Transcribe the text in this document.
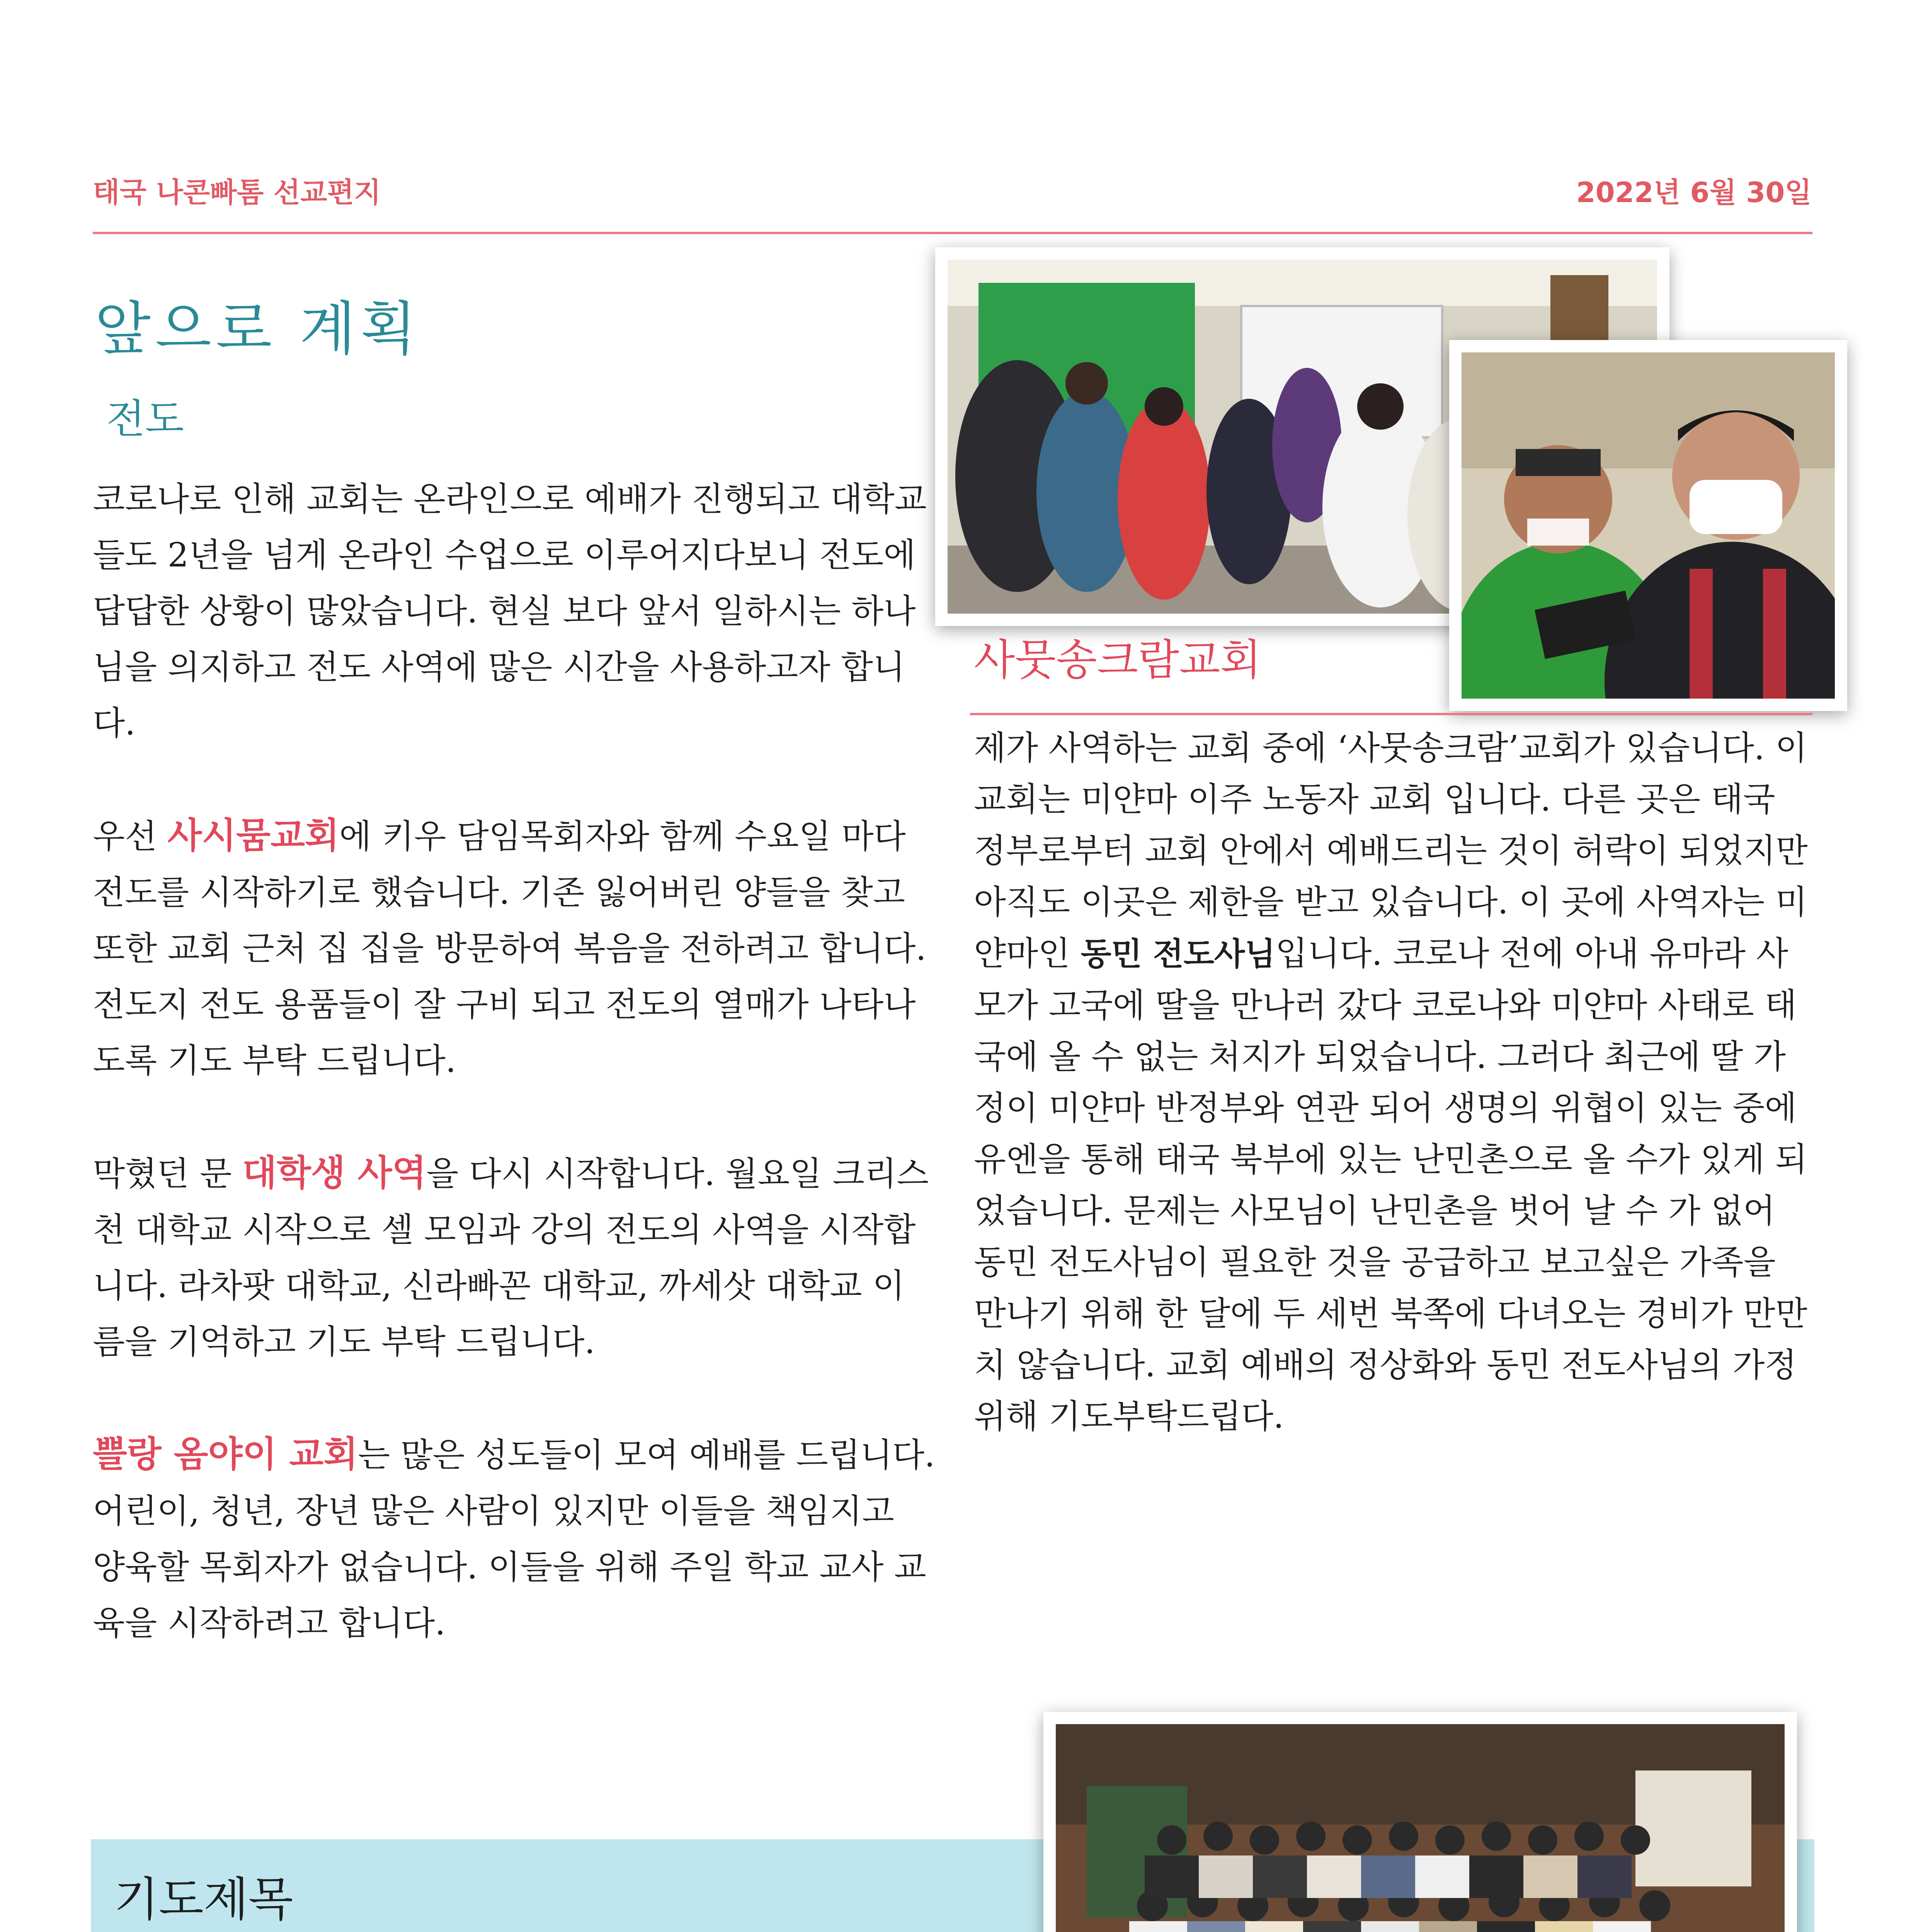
태국 나콘빠톰 선교편지	2022년 6월 30일
앞으로 계획
전도

코로나로 인해 교회는 온라인으로 예배가 진행되고 대학교들도 2년을 넘게 온라인 수업으로 이루어지다보니 전도에 답답한 상황이 많았습니다. 현실 보다 앞서 일하시는 하나님을 의지하고 전도 사역에 많은 시간을 사용하고자 합니다.

우선 사시뭄교회에 키우 담임목회자와 함께 수요일 마다 전도를 시작하기로 했습니다. 기존 잃어버린 양들을 찾고 또한 교회 근처 집 집을 방문하여 복음을 전하려고 합니다. 전도지 전도 용품들이 잘 구비 되고 전도의 열매가 나타나도록 기도 부탁 드립니다.

막혔던 문 대학생 사역을 다시 시작합니다. 월요일 크리스천 대학교 시작으로 셀 모임과 강의 전도의 사역을 시작합니다. 라차팟 대학교, 신라빠꼰 대학교, 까세삿 대학교 이름을 기억하고 기도 부탁 드립니다.

쁠랑 옴야이 교회는 많은 성도들이 모여 예배를 드립니다. 어린이, 청년, 장년 많은 사람이 있지만 이들을 책임지고 양육할 목회자가 없습니다. 이들을 위해 주일 학교 교사 교육을 시작하려고 합니다.

사뭇송크람교회
제가 사역하는 교회 중에 ‘사뭇송크람’교회가 있습니다. 이 교회는 미얀마 이주 노동자 교회 입니다. 다른 곳은 태국 정부로부터 교회 안에서 예배드리는 것이 허락이 되었지만 아직도 이곳은 제한을 받고 있습니다. 이 곳에 사역자는 미얀마인 동민 전도사님입니다. 코로나 전에 아내 유마라 사모가 고국에 딸을 만나러 갔다 코로나와 미얀마 사태로 태국에 올 수 없는 처지가 되었습니다. 그러다 최근에 딸 가정이 미얀마 반정부와 연관 되어 생명의 위협이 있는 중에 유엔을 통해 태국 북부에 있는 난민촌으로 올 수가 있게 되었습니다. 문제는 사모님이 난민촌을 벗어 날 수 가 없어 동민 전도사님이 필요한 것을 공급하고 보고싶은 가족을 만나기 위해 한 달에 두 세번 북쪽에 다녀오는 경비가 만만치 않습니다. 교회 예배의 정상화와 동민 전도사님의 가정 위해 기도부탁드립다.
기도제목
